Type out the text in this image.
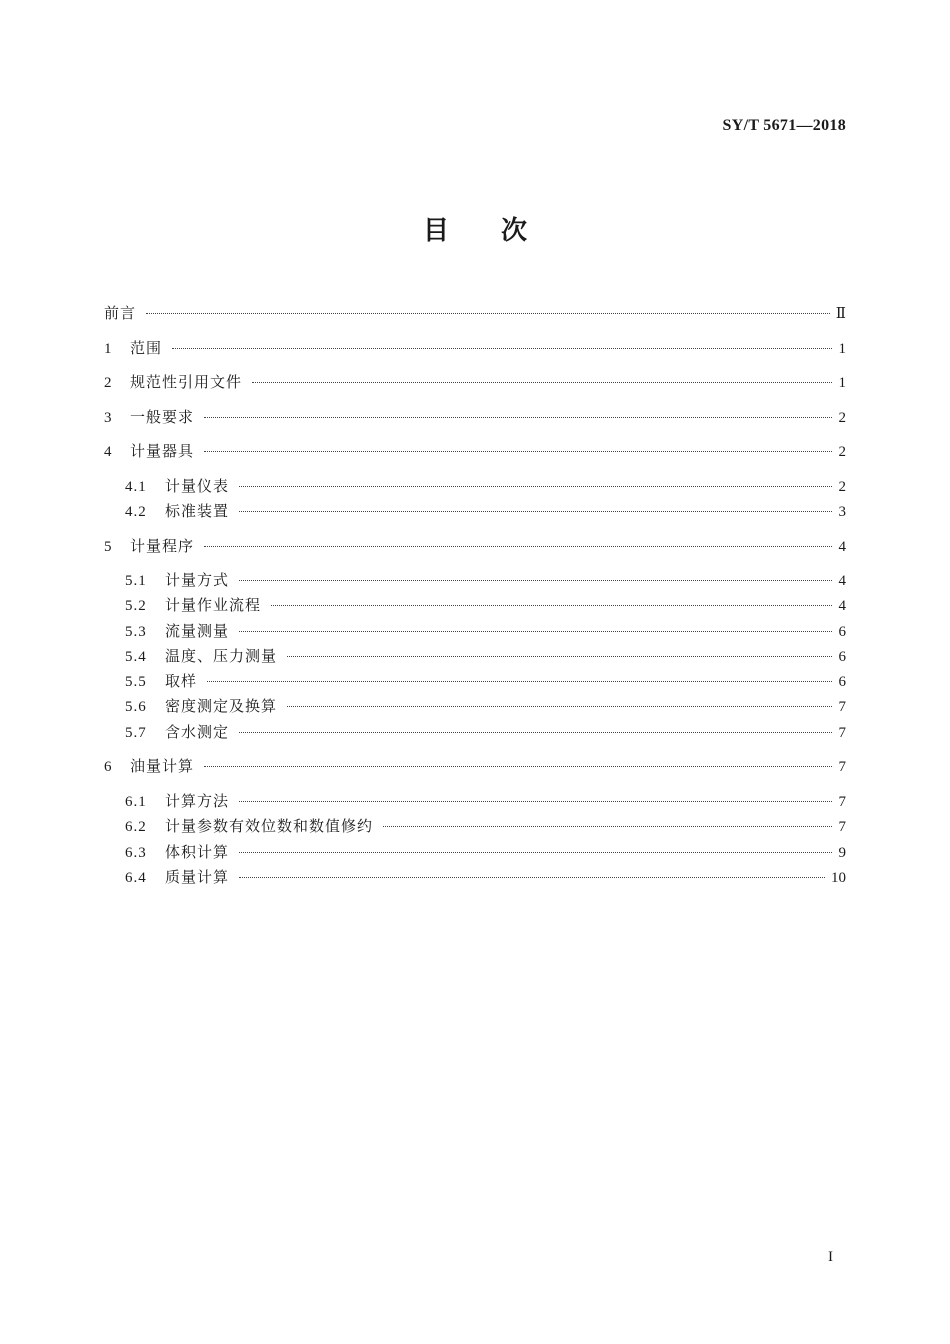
SY/T 5671—2018
目 次
前言	Ⅱ
1	范围	1
2	规范性引用文件	1
3	一般要求	2
4	计量器具	2
4.1	计量仪表	2
4.2	标准装置	3
5	计量程序	4
5.1	计量方式	4
5.2	计量作业流程	4
5.3	流量测量	6
5.4	温度、压力测量	6
5.5	取样	6
5.6	密度测定及换算	7
5.7	含水测定	7
6	油量计算	7
6.1	计算方法	7
6.2	计量参数有效位数和数值修约	7
6.3	体积计算	9
6.4	质量计算	10
I
